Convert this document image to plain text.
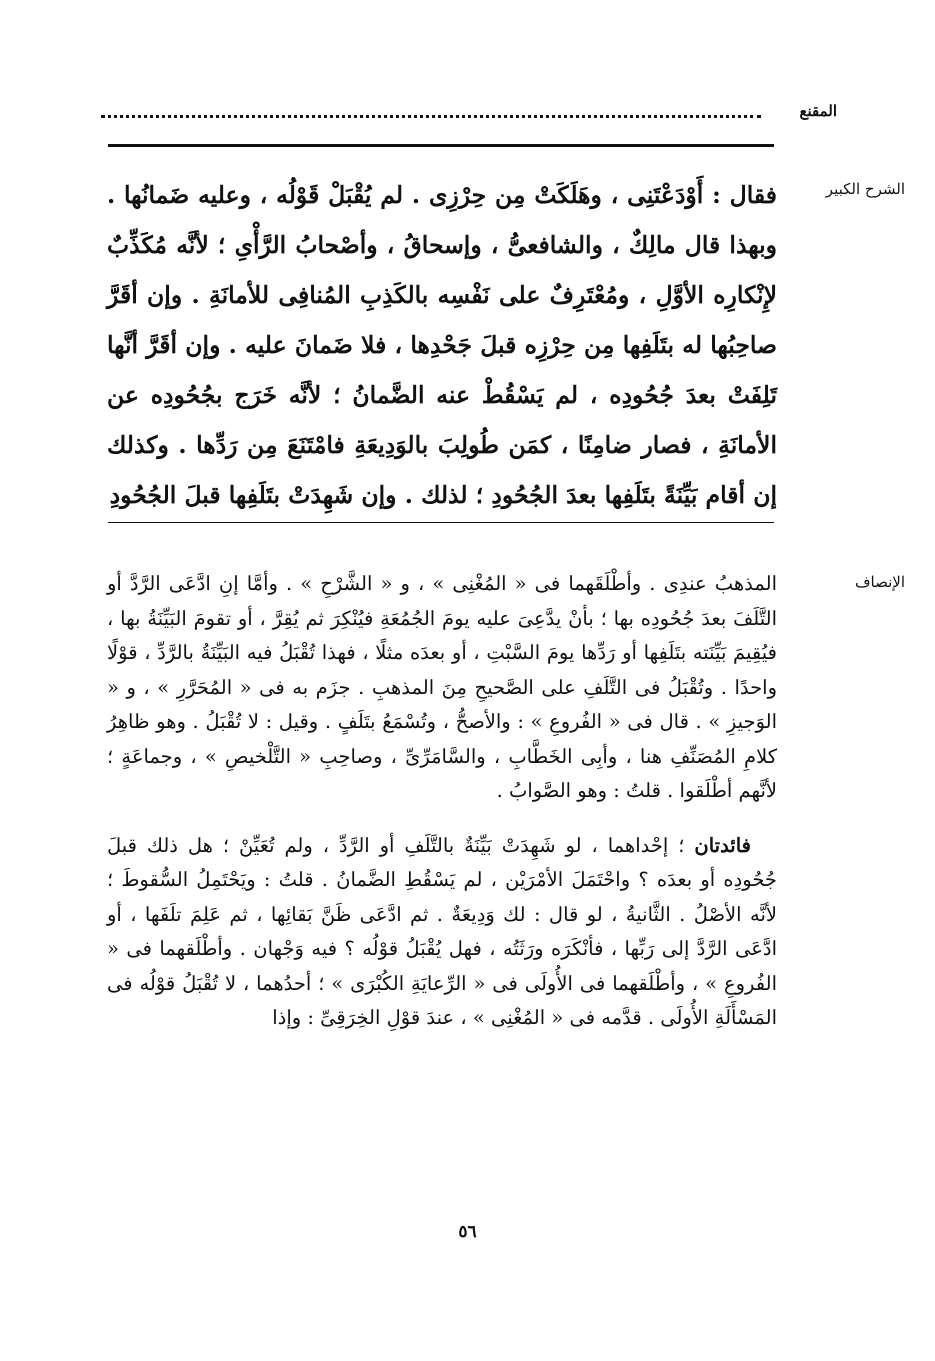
المقنع
الشرح الكبير

فقال : أَوْدَعْتَنِى ، وهَلَكَتْ مِن حِرْزِى . لم يُقْبَلْ قَوْلُه ، وعليه ضَمانُها . وبهذا قال مالِكٌ ، والشافعىُّ ، وإسحاقُ ، وأصْحابُ الرَّأْىِ ؛ لأنَّه مُكَذِّبٌ لإِنْكارِه الأوَّلِ ، ومُعْتَرِفٌ على نَفْسِه بالكَذِبِ المُنافِى للأمانَةِ . وإن أقَرَّ صاحِبُها له بتَلَفِها مِن حِرْزِه قبلَ جَحْدِها ، فلا ضَمانَ عليه . وإن أقَرَّ أنَّها تَلِفَتْ بعدَ جُحُودِه ، لم يَسْقُطْ عنه الضَّمانُ ؛ لأنَّه خَرَج بجُحُودِه عن الأمانَةِ ، فصار ضامِنًا ، كمَن طُولِبَ بالوَدِيعَةِ فامْتَنَعَ مِن رَدِّها . وكذلك إن أقام بَيِّنَةً بتَلَفِها بعدَ الجُحُودِ ؛ لذلك . وإن شَهِدَتْ بتَلَفِها قبلَ الجُحُودِ

الإنصاف

المذهبُ عندِى . وأطْلَقَهما فى « المُغْنِى » ، و « الشَّرْحِ » . وأمَّا إنِ ادَّعَى الرَّدَّ أو التَّلَفَ بعدَ جُحُودِه بها ؛ بأنْ يدَّعِىَ عليه يومَ الجُمُعَةِ فيُنْكِرَ ثم يُقِرَّ ، أو تقومَ البَيِّنَةُ بها ، فيُقِيمَ بَيِّنَته بتَلَفِها أو رَدِّها يومَ السَّبْتِ ، أو بعدَه مثلًا ، فهذا تُقْبَلُ فيه البَيِّنَةُ بالرَّدِّ ، قوْلًا واحدًا . وتُقْبَلُ فى التَّلَفِ على الصَّحيحِ مِنَ المذهبِ . جزَم به فى « المُحَرَّرِ » ، و « الوَجيزِ » . قال فى « الفُروعِ » : والأصحُّ ، وتُسْمَعُ بتَلَفٍ . وقيل : لا تُقْبَلُ . وهو ظاهِرُ كلامِ المُصَنِّفِ هنا ، وأبِى الخَطَّابِ ، والسَّامَرِّىِّ ، وصاحِبِ « التَّلْخيصِ » ، وجماعَةٍ ؛ لأنَّهم أطْلَقوا . قلتُ : وهو الصَّوابُ .

فائدتان ؛ إحْداهما ، لو شَهِدَتْ بَيِّنَةٌ بالتَّلَفِ أو الرَّدِّ ، ولم تُعَيِّنْ ؛ هل ذلك قبلَ جُحُودِه أو بعدَه ؟ واحْتَمَلَ الأمْرَيْن ، لم يَسْقُطِ الضَّمانُ . قلتُ : ويَحْتَمِلُ السُّقوطَ ؛ لأنَّه الأصْلُ . الثَّانيةُ ، لو قال : لك وَدِيعَةٌ . ثم ادَّعَى ظَنَّ بَقائِها ، ثم عَلِمَ تلَفَها ، أو ادَّعَى الرَّدَّ إلى رَبِّها ، فأنْكَرَه ورَثَتُه ، فهل يُقْبَلُ قوْلُه ؟ فيه وَجْهان . وأطْلَقهما فى « الفُروعِ » ، وأطْلَقهما فى الأُولَى فى « الرِّعايَةِ الكُبْرَى » ؛ أحدُهما ، لا تُقْبَلُ قوْلُه فى المَسْأَلَةِ الأُولَى . قدَّمه فى « المُغْنِى » ، عندَ قوْلِ الخِرَقِىِّ : وإذا

٥٦
